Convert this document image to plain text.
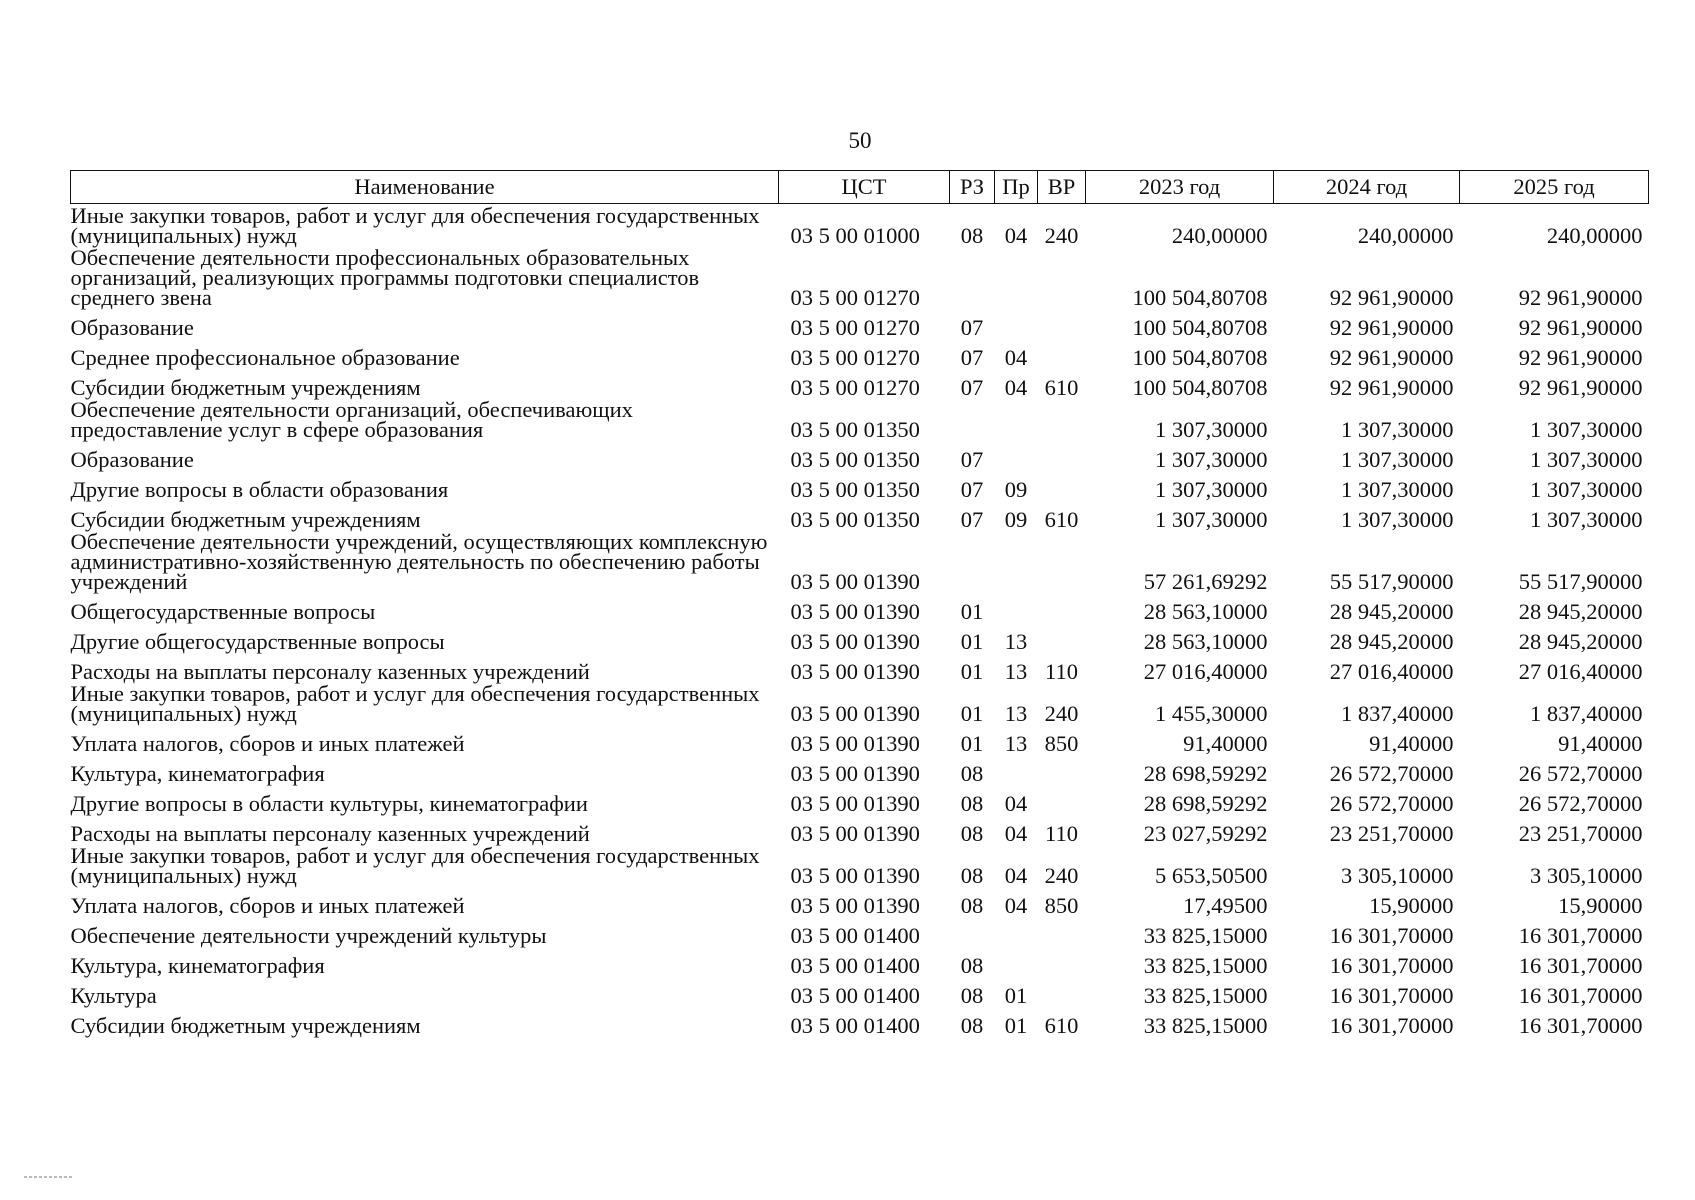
50
Наименование	ЦСТ	РЗ	Пр	ВР	2023 год	2024 год	2025 год
Иные закупки товаров, работ и услуг для обеспечения государственных (муниципальных) нужд	03 5 00 01000	08	04	240	240,00000	240,00000	240,00000
Обеспечение деятельности профессиональных образовательных организаций, реализующих программы подготовки специалистов среднего звена	03 5 00 01270				100 504,80708	92 961,90000	92 961,90000
Образование	03 5 00 01270	07			100 504,80708	92 961,90000	92 961,90000
Среднее профессиональное образование	03 5 00 01270	07	04		100 504,80708	92 961,90000	92 961,90000
Субсидии бюджетным учреждениям	03 5 00 01270	07	04	610	100 504,80708	92 961,90000	92 961,90000
Обеспечение деятельности организаций, обеспечивающих предоставление услуг в сфере образования	03 5 00 01350				1 307,30000	1 307,30000	1 307,30000
Образование	03 5 00 01350	07			1 307,30000	1 307,30000	1 307,30000
Другие вопросы в области образования	03 5 00 01350	07	09		1 307,30000	1 307,30000	1 307,30000
Субсидии бюджетным учреждениям	03 5 00 01350	07	09	610	1 307,30000	1 307,30000	1 307,30000
Обеспечение деятельности учреждений, осуществляющих комплексную административно-хозяйственную деятельность по обеспечению работы учреждений	03 5 00 01390				57 261,69292	55 517,90000	55 517,90000
Общегосударственные вопросы	03 5 00 01390	01			28 563,10000	28 945,20000	28 945,20000
Другие общегосударственные вопросы	03 5 00 01390	01	13		28 563,10000	28 945,20000	28 945,20000
Расходы на выплаты персоналу казенных учреждений	03 5 00 01390	01	13	110	27 016,40000	27 016,40000	27 016,40000
Иные закупки товаров, работ и услуг для обеспечения государственных (муниципальных) нужд	03 5 00 01390	01	13	240	1 455,30000	1 837,40000	1 837,40000
Уплата налогов, сборов и иных платежей	03 5 00 01390	01	13	850	91,40000	91,40000	91,40000
Культура, кинематография	03 5 00 01390	08			28 698,59292	26 572,70000	26 572,70000
Другие вопросы в области культуры, кинематографии	03 5 00 01390	08	04		28 698,59292	26 572,70000	26 572,70000
Расходы на выплаты персоналу казенных учреждений	03 5 00 01390	08	04	110	23 027,59292	23 251,70000	23 251,70000
Иные закупки товаров, работ и услуг для обеспечения государственных (муниципальных) нужд	03 5 00 01390	08	04	240	5 653,50500	3 305,10000	3 305,10000
Уплата налогов, сборов и иных платежей	03 5 00 01390	08	04	850	17,49500	15,90000	15,90000
Обеспечение деятельности учреждений культуры	03 5 00 01400				33 825,15000	16 301,70000	16 301,70000
Культура, кинематография	03 5 00 01400	08			33 825,15000	16 301,70000	16 301,70000
Культура	03 5 00 01400	08	01		33 825,15000	16 301,70000	16 301,70000
Субсидии бюджетным учреждениям	03 5 00 01400	08	01	610	33 825,15000	16 301,70000	16 301,70000
